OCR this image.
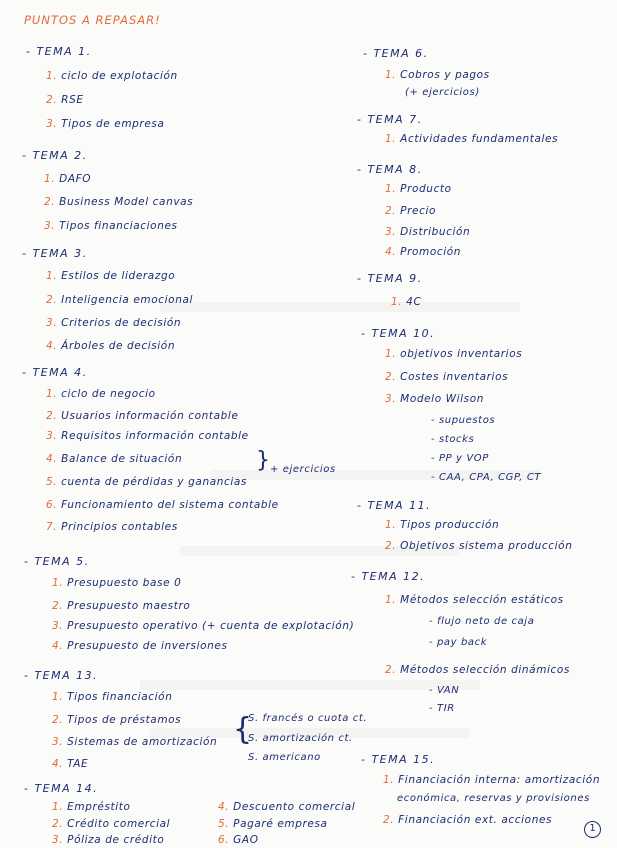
PUNTOS A REPASAR!
- TEMA 1.
1. ciclo de explotación
2. RSE
3. Tipos de empresa
- TEMA 2.
1. DAFO
2. Business Model canvas
3. Tipos financiaciones
- TEMA 3.
1. Estilos de liderazgo
2. Inteligencia emocional
3. Criterios de decisión
4. Árboles de decisión
- TEMA 4.
1. ciclo de negocio
2. Usuarios información contable
3. Requisitos información contable
4. Balance de situación
5. cuenta de pérdidas y ganancias
} + ejercicios
6. Funcionamiento del sistema contable
7. Principios contables
- TEMA 5.
1. Presupuesto base 0
2. Presupuesto maestro
3. Presupuesto operativo (+ cuenta de explotación)
4. Presupuesto de inversiones
- TEMA 13.
1. Tipos financiación
2. Tipos de préstamos
3. Sistemas de amortización
4. TAE
{
S. francés o cuota ct.
S. amortización ct.
S. americano
- TEMA 14.
1. Empréstito
2. Crédito comercial
3. Póliza de crédito
4. Descuento comercial
5. Pagaré empresa
6. GAO
- TEMA 6.
1. Cobros y pagos
(+ ejercicios)
- TEMA 7.
1. Actividades fundamentales
- TEMA 8.
1. Producto
2. Precio
3. Distribución
4. Promoción
- TEMA 9.
1. 4C
- TEMA 10.
1. objetivos inventarios
2. Costes inventarios
3. Modelo Wilson
- supuestos
- stocks
- PP y VOP
- CAA, CPA, CGP, CT
- TEMA 11.
1. Tipos producción
2. Objetivos sistema producción
- TEMA 12.
1. Métodos selección estáticos
- flujo neto de caja
- pay back
2. Métodos selección dinámicos
- VAN
- TIR
- TEMA 15.
1. Financiación interna: amortización
económica, reservas y provisiones
2. Financiación ext. acciones
1
